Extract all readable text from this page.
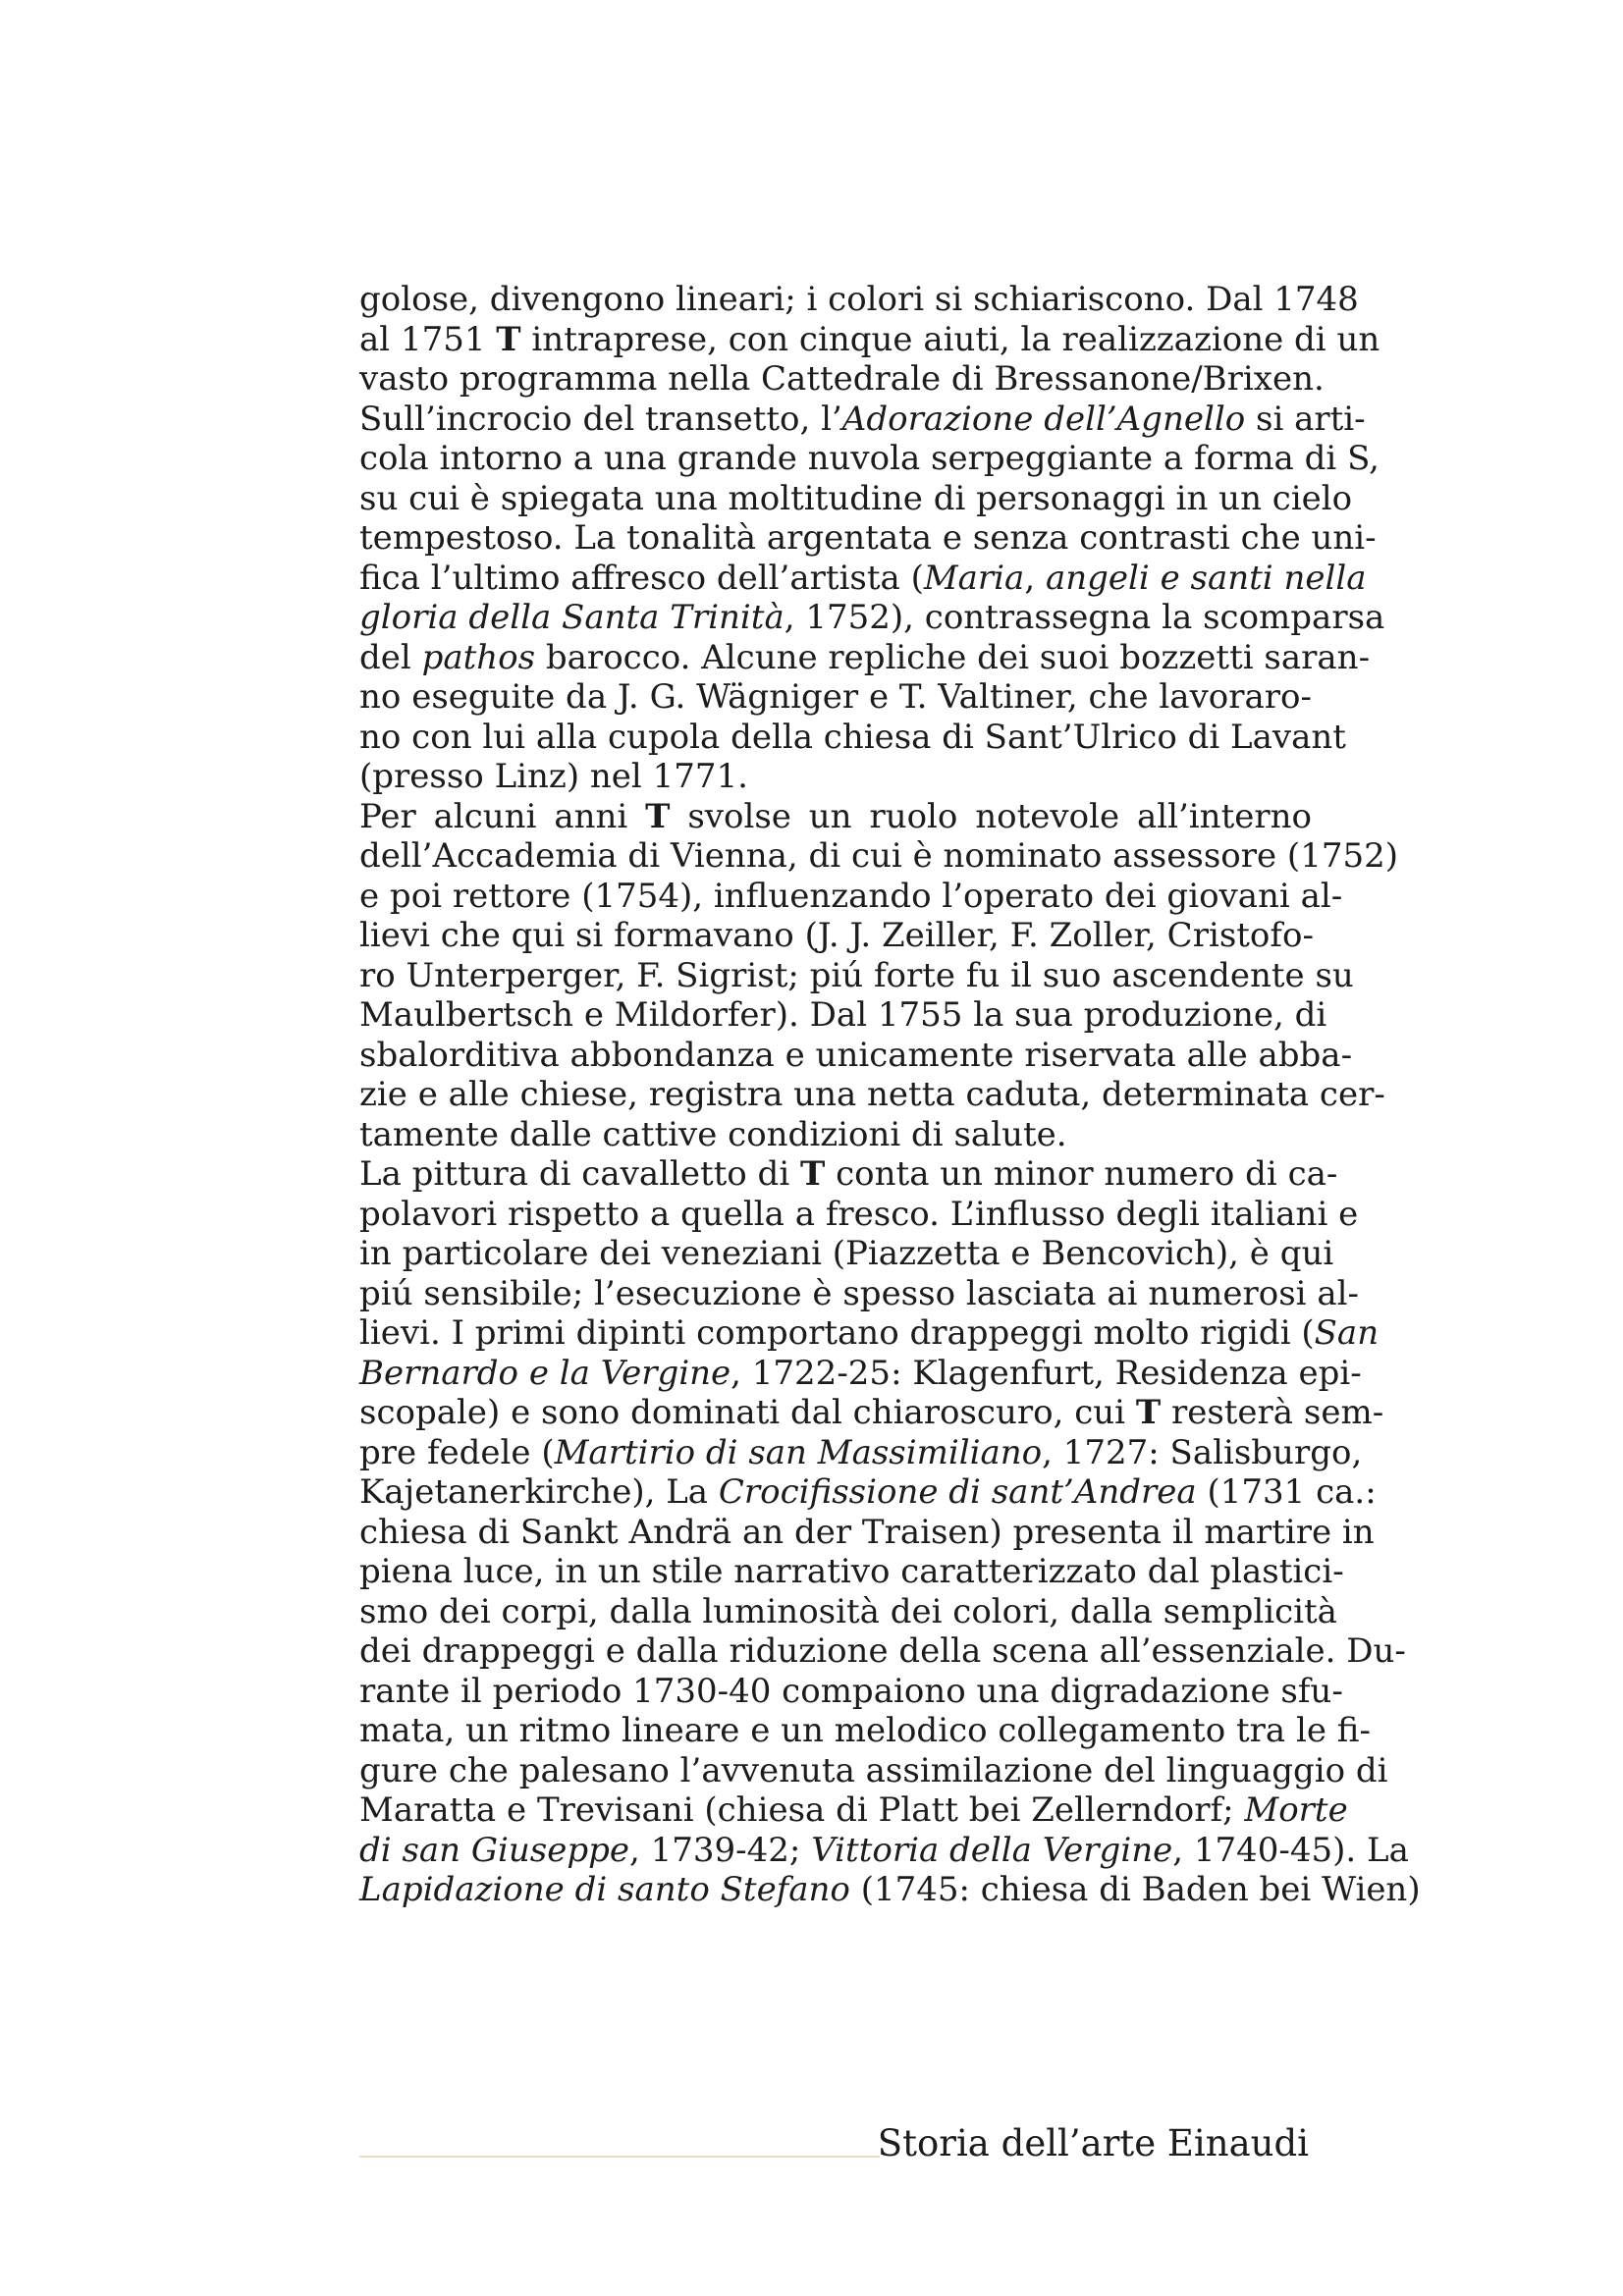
golose, divengono lineari; i colori si schiariscono. Dal 1748
al 1751 T intraprese, con cinque aiuti, la realizzazione di un
vasto programma nella Cattedrale di Bressanone/Brixen.
Sull’incrocio del transetto, l’Adorazione dell’Agnello si arti-
cola intorno a una grande nuvola serpeggiante a forma di S,
su cui è spiegata una moltitudine di personaggi in un cielo
tempestoso. La tonalità argentata e senza contrasti che uni-
fica l’ultimo affresco dell’artista (Maria, angeli e santi nella
gloria della Santa Trinità, 1752), contrassegna la scomparsa
del pathos barocco. Alcune repliche dei suoi bozzetti saran-
no eseguite da J. G. Wägniger e T. Valtiner, che lavoraro-
no con lui alla cupola della chiesa di Sant’Ulrico di Lavant
(presso Linz) nel 1771.
Per alcuni anni T svolse un ruolo notevole all’interno
dell’Accademia di Vienna, di cui è nominato assessore (1752)
e poi rettore (1754), influenzando l’operato dei giovani al-
lievi che qui si formavano (J. J. Zeiller, F. Zoller, Cristofo-
ro Unterperger, F. Sigrist; piú forte fu il suo ascendente su
Maulbertsch e Mildorfer). Dal 1755 la sua produzione, di
sbalorditiva abbondanza e unicamente riservata alle abba-
zie e alle chiese, registra una netta caduta, determinata cer-
tamente dalle cattive condizioni di salute.
La pittura di cavalletto di T conta un minor numero di ca-
polavori rispetto a quella a fresco. L’influsso degli italiani e
in particolare dei veneziani (Piazzetta e Bencovich), è qui
piú sensibile; l’esecuzione è spesso lasciata ai numerosi al-
lievi. I primi dipinti comportano drappeggi molto rigidi (San
Bernardo e la Vergine, 1722-25: Klagenfurt, Residenza epi-
scopale) e sono dominati dal chiaroscuro, cui T resterà sem-
pre fedele (Martirio di san Massimiliano, 1727: Salisburgo,
Kajetanerkirche), La Crocifissione di sant’Andrea (1731 ca.:
chiesa di Sankt Andrä an der Traisen) presenta il martire in
piena luce, in un stile narrativo caratterizzato dal plastici-
smo dei corpi, dalla luminosità dei colori, dalla semplicità
dei drappeggi e dalla riduzione della scena all’essenziale. Du-
rante il periodo 1730-40 compaiono una digradazione sfu-
mata, un ritmo lineare e un melodico collegamento tra le fi-
gure che palesano l’avvenuta assimilazione del linguaggio di
Maratta e Trevisani (chiesa di Platt bei Zellerndorf; Morte
di san Giuseppe, 1739-42; Vittoria della Vergine, 1740-45). La
Lapidazione di santo Stefano (1745: chiesa di Baden bei Wien)
Storia dell’arte Einaudi
